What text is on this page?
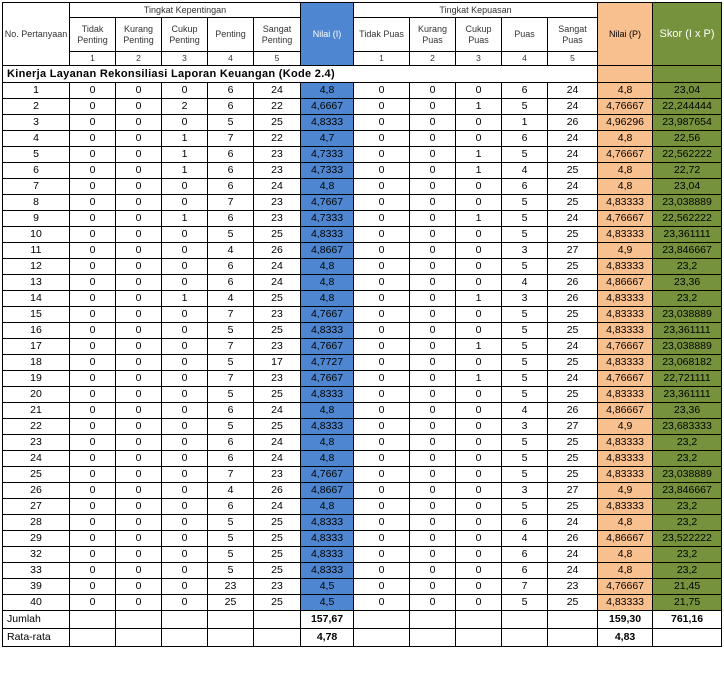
No. Pertanyaan	Tingkat Kepentingan					Nilai (I)	Tingkat Kepuasan					Nilai (P)	Skor (I x P)
	Tidak Penting	Kurang Penting	Cukup Penting	Penting	Sangat Penting		Tidak Puas	Kurang Puas	Cukup Puas	Puas	Sangat Puas		
	1	2	3	4	5		1	2	3	4	5		
Kinerja Layanan Rekonsiliasi Laporan Keuangan (Kode 2.4)													
1	0	0	0	6	24	4,8	0	0	0	6	24	4,8	23,04
2	0	0	2	6	22	4,6667	0	0	1	5	24	4,76667	22,244444
3	0	0	0	5	25	4,8333	0	0	0	1	26	4,96296	23,987654
4	0	0	1	7	22	4,7	0	0	0	6	24	4,8	22,56
5	0	0	1	6	23	4,7333	0	0	1	5	24	4,76667	22,562222
6	0	0	1	6	23	4,7333	0	0	1	4	25	4,8	22,72
7	0	0	0	6	24	4,8	0	0	0	6	24	4,8	23,04
8	0	0	0	7	23	4,7667	0	0	0	5	25	4,83333	23,038889
9	0	0	1	6	23	4,7333	0	0	1	5	24	4,76667	22,562222
10	0	0	0	5	25	4,8333	0	0	0	5	25	4,83333	23,361111
11	0	0	0	4	26	4,8667	0	0	0	3	27	4,9	23,846667
12	0	0	0	6	24	4,8	0	0	0	5	25	4,83333	23,2
13	0	0	0	6	24	4,8	0	0	0	4	26	4,86667	23,36
14	0	0	1	4	25	4,8	0	0	1	3	26	4,83333	23,2
15	0	0	0	7	23	4,7667	0	0	0	5	25	4,83333	23,038889
16	0	0	0	5	25	4,8333	0	0	0	5	25	4,83333	23,361111
17	0	0	0	7	23	4,7667	0	0	1	5	24	4,76667	23,038889
18	0	0	0	5	17	4,7727	0	0	0	5	25	4,83333	23,068182
19	0	0	0	7	23	4,7667	0	0	1	5	24	4,76667	22,721111
20	0	0	0	5	25	4,8333	0	0	0	5	25	4,83333	23,361111
21	0	0	0	6	24	4,8	0	0	0	4	26	4,86667	23,36
22	0	0	0	5	25	4,8333	0	0	0	3	27	4,9	23,683333
23	0	0	0	6	24	4,8	0	0	0	5	25	4,83333	23,2
24	0	0	0	6	24	4,8	0	0	0	5	25	4,83333	23,2
25	0	0	0	7	23	4,7667	0	0	0	5	25	4,83333	23,038889
26	0	0	0	4	26	4,8667	0	0	0	3	27	4,9	23,846667
27	0	0	0	6	24	4,8	0	0	0	5	25	4,83333	23,2
28	0	0	0	5	25	4,8333	0	0	0	6	24	4,8	23,2
29	0	0	0	5	25	4,8333	0	0	0	4	26	4,86667	23,522222
32	0	0	0	5	25	4,8333	0	0	0	6	24	4,8	23,2
33	0	0	0	5	25	4,8333	0	0	0	6	24	4,8	23,2
39	0	0	0	23	23	4,5	0	0	0	7	23	4,76667	21,45
40	0	0	0	25	25	4,5	0	0	0	5	25	4,83333	21,75
Jumlah						157,67						159,30	761,16
Rata-rata						4,78						4,83	
